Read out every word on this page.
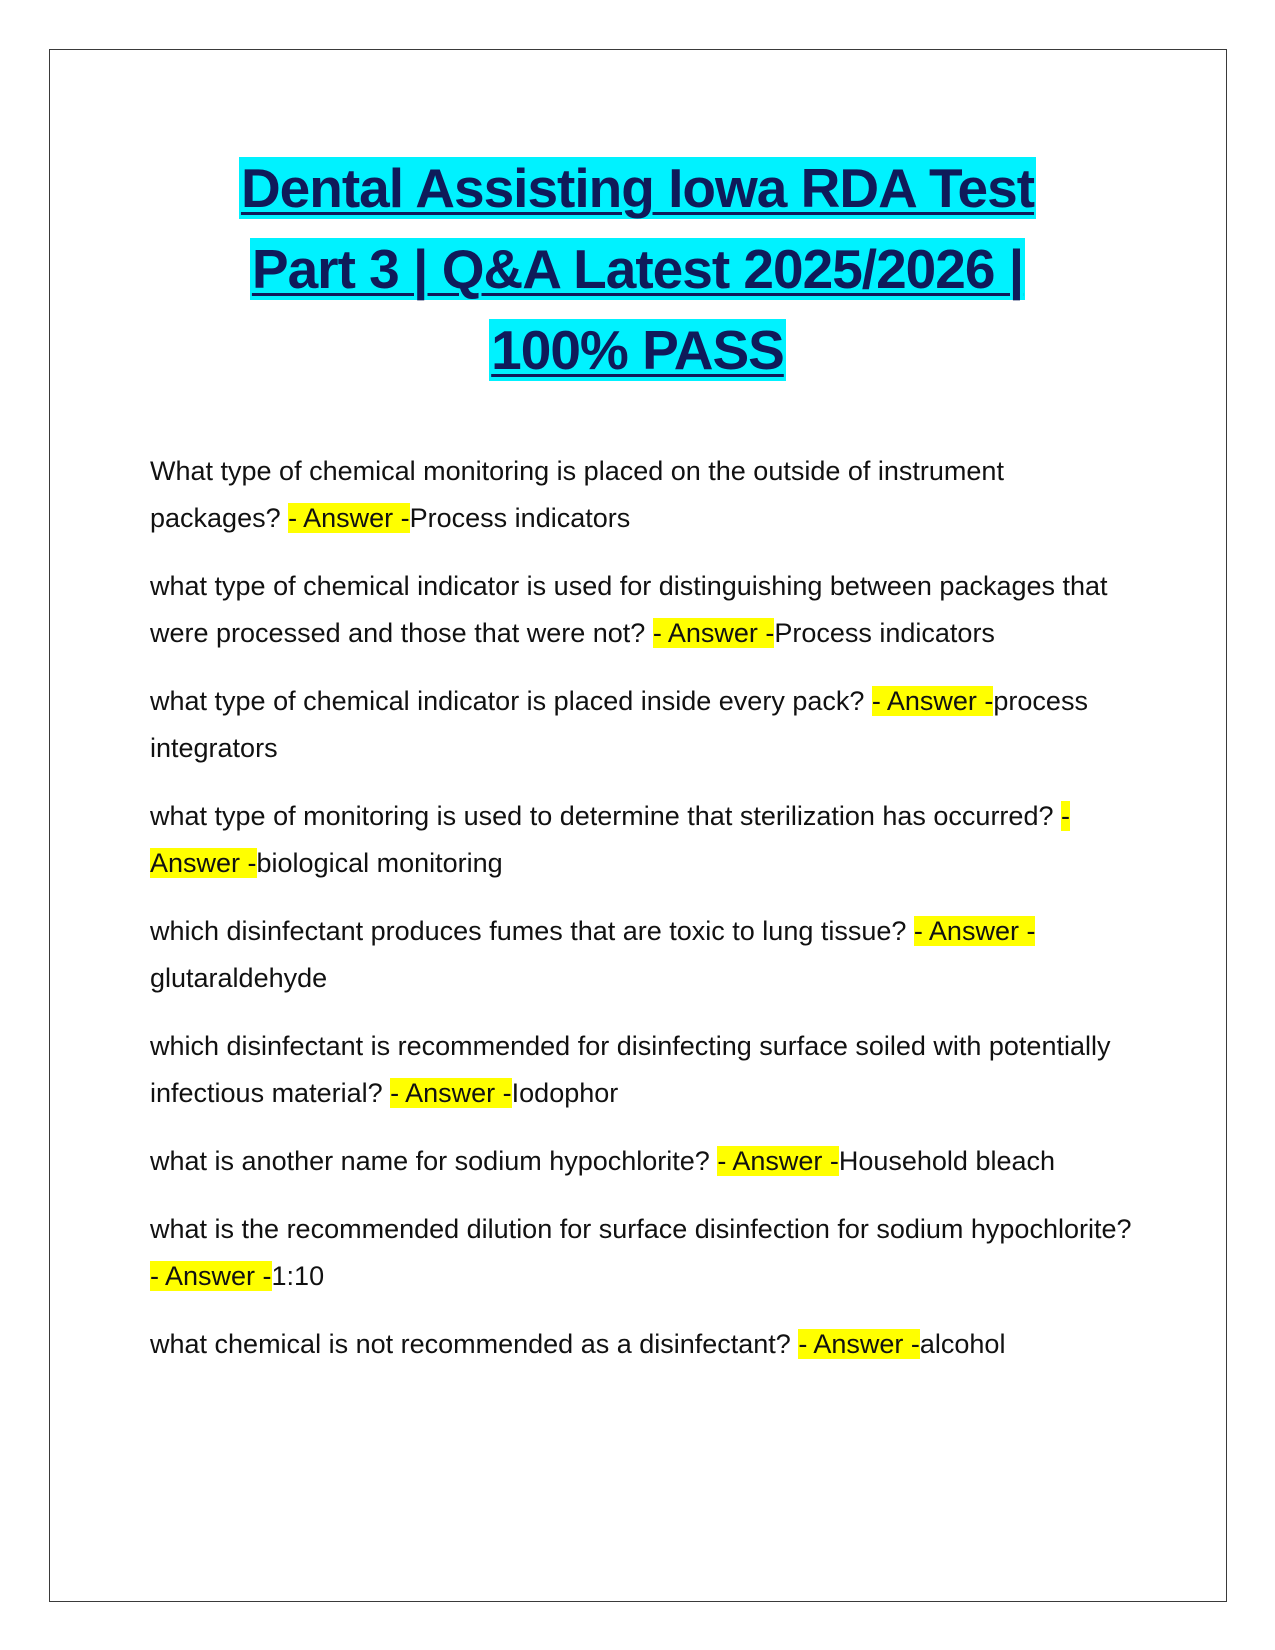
Dental Assisting Iowa RDA Test
Part 3 | Q&A Latest 2025/2026 |
100% PASS

What type of chemical monitoring is placed on the outside of instrument packages? - Answer -Process indicators

what type of chemical indicator is used for distinguishing between packages that were processed and those that were not? - Answer -Process indicators

what type of chemical indicator is placed inside every pack? - Answer -process integrators

what type of monitoring is used to determine that sterilization has occurred? - Answer -biological monitoring

which disinfectant produces fumes that are toxic to lung tissue? - Answer -glutaraldehyde

which disinfectant is recommended for disinfecting surface soiled with potentially infectious material? - Answer -Iodophor

what is another name for sodium hypochlorite? - Answer -Household bleach

what is the recommended dilution for surface disinfection for sodium hypochlorite? - Answer -1:10

what chemical is not recommended as a disinfectant? - Answer -alcohol
